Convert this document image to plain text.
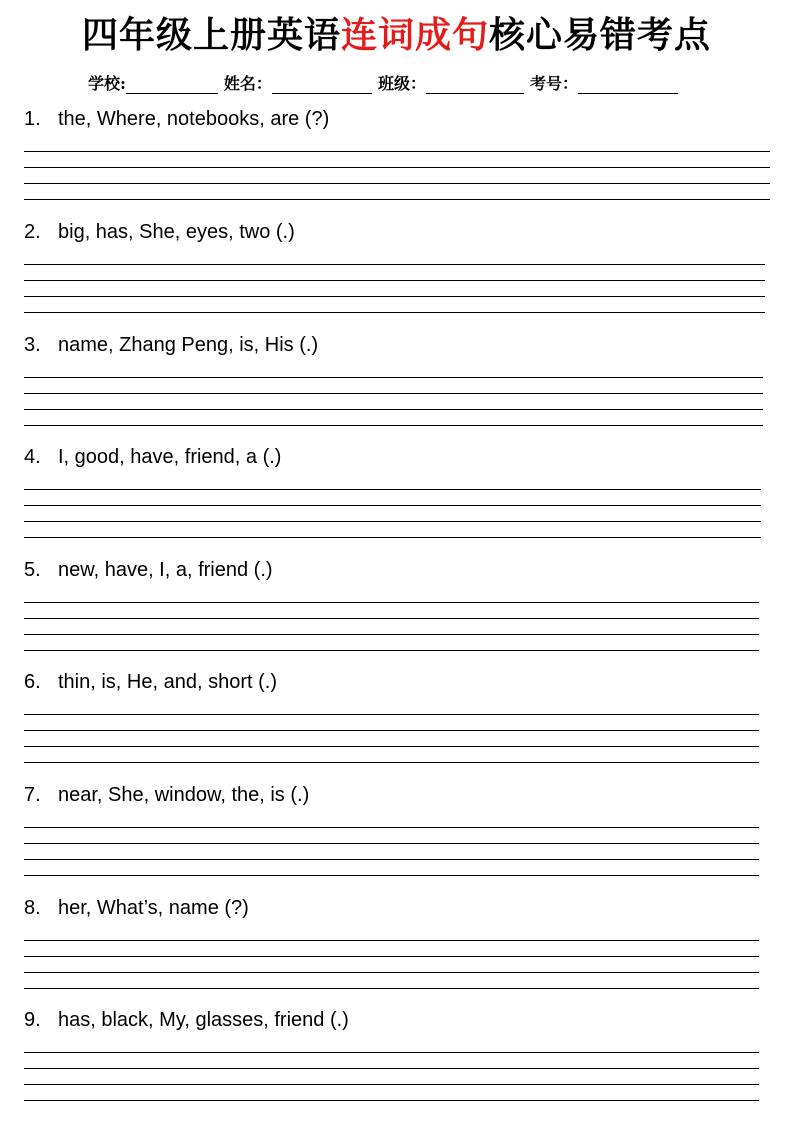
四年级上册英语连词成句核心易错考点
学校:	姓名：	班级：	考号：
1. the, Where, notebooks, are (?)
2. big, has, She, eyes, two (.)
3. name, Zhang Peng, is, His (.)
4. I, good, have, friend, a (.)
5. new, have, I, a, friend (.)
6. thin, is, He, and, short (.)
7. near, She, window, the, is (.)
8. her, What’s, name (?)
9. has, black, My, glasses, friend (.)
